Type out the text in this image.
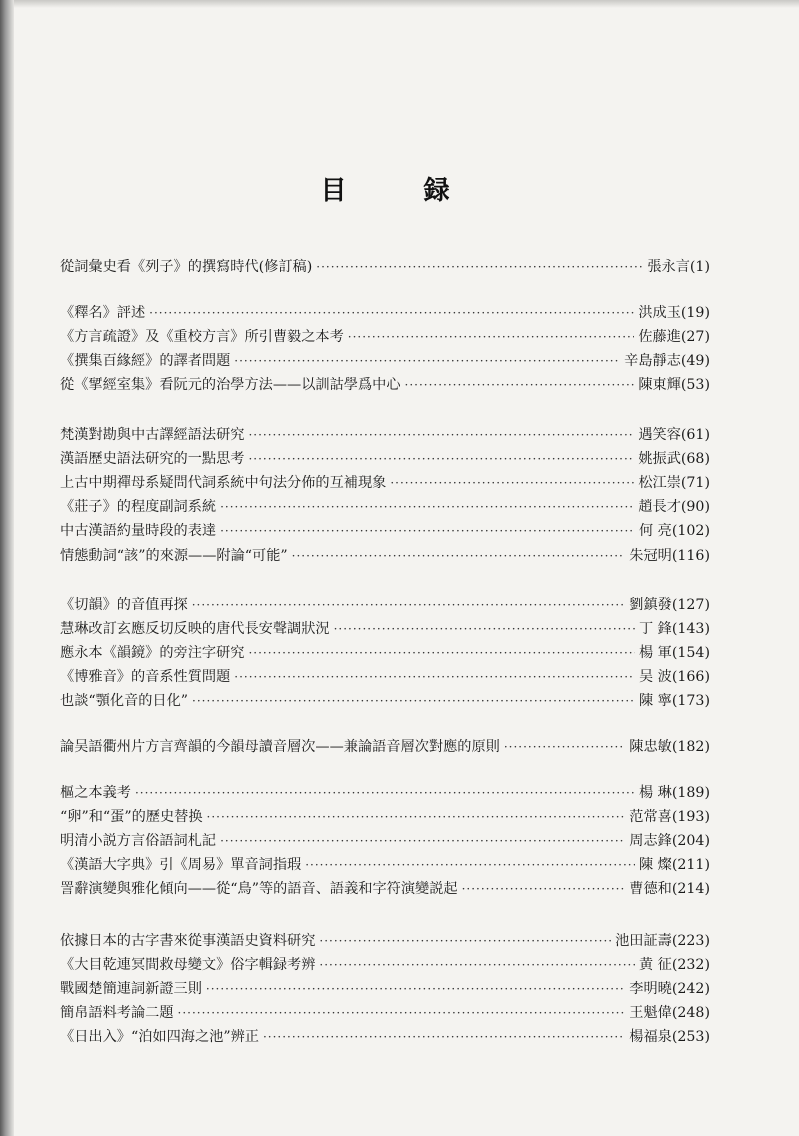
目 録
從詞彙史看《列子》的撰寫時代(修訂稿) ·····	張永言(1)
《釋名》評述 ·····	洪成玉(19)
《方言疏證》及《重校方言》所引曹毅之本考 ·····	佐藤進(27)
《撰集百緣經》的譯者問題 ·····	辛島靜志(49)
從《揅經室集》看阮元的治學方法——以訓詁學爲中心 ·····	陳東輝(53)
梵漢對勘與中古譯經語法研究 ·····	遇笑容(61)
漢語歷史語法研究的一點思考 ·····	姚振武(68)
上古中期禪母系疑問代詞系統中句法分佈的互補現象 ·····	松江崇(71)
《莊子》的程度副詞系統 ·····	趙長才(90)
中古漢語約量時段的表達 ·····	何 亮(102)
情態動詞“該”的來源——附論“可能” ·····	朱冠明(116)
《切韻》的音值再探 ·····	劉鎮發(127)
慧琳改訂玄應反切反映的唐代長安聲調狀況 ·····	丁 鋒(143)
應永本《韻鏡》的旁注字研究 ·····	楊 軍(154)
《博雅音》的音系性質問題 ·····	吴 波(166)
也談“顎化音的日化” ·····	陳 寧(173)
論吴語衢州片方言齊韻的今韻母讀音層次——兼論語音層次對應的原則 ·····	陳忠敏(182)
樞之本義考 ·····	楊 琳(189)
“卵”和“蛋”的歷史替换 ·····	范常喜(193)
明清小説方言俗語詞札記 ·····	周志鋒(204)
《漢語大字典》引《周易》單音詞指瑕 ·····	陳 燦(211)
詈辭演變與雅化傾向——從“鳥”等的語音、語義和字符演變説起 ·····	曹德和(214)
依據日本的古字書來從事漢語史資料研究 ·····	池田証壽(223)
《大目乾連冥間救母變文》俗字輯録考辨 ·····	黄 征(232)
戰國楚簡連詞新證三則 ·····	李明曉(242)
簡帛語料考論二題 ·····	王魁偉(248)
《日出入》“泊如四海之池”辨正 ·····	楊福泉(253)
